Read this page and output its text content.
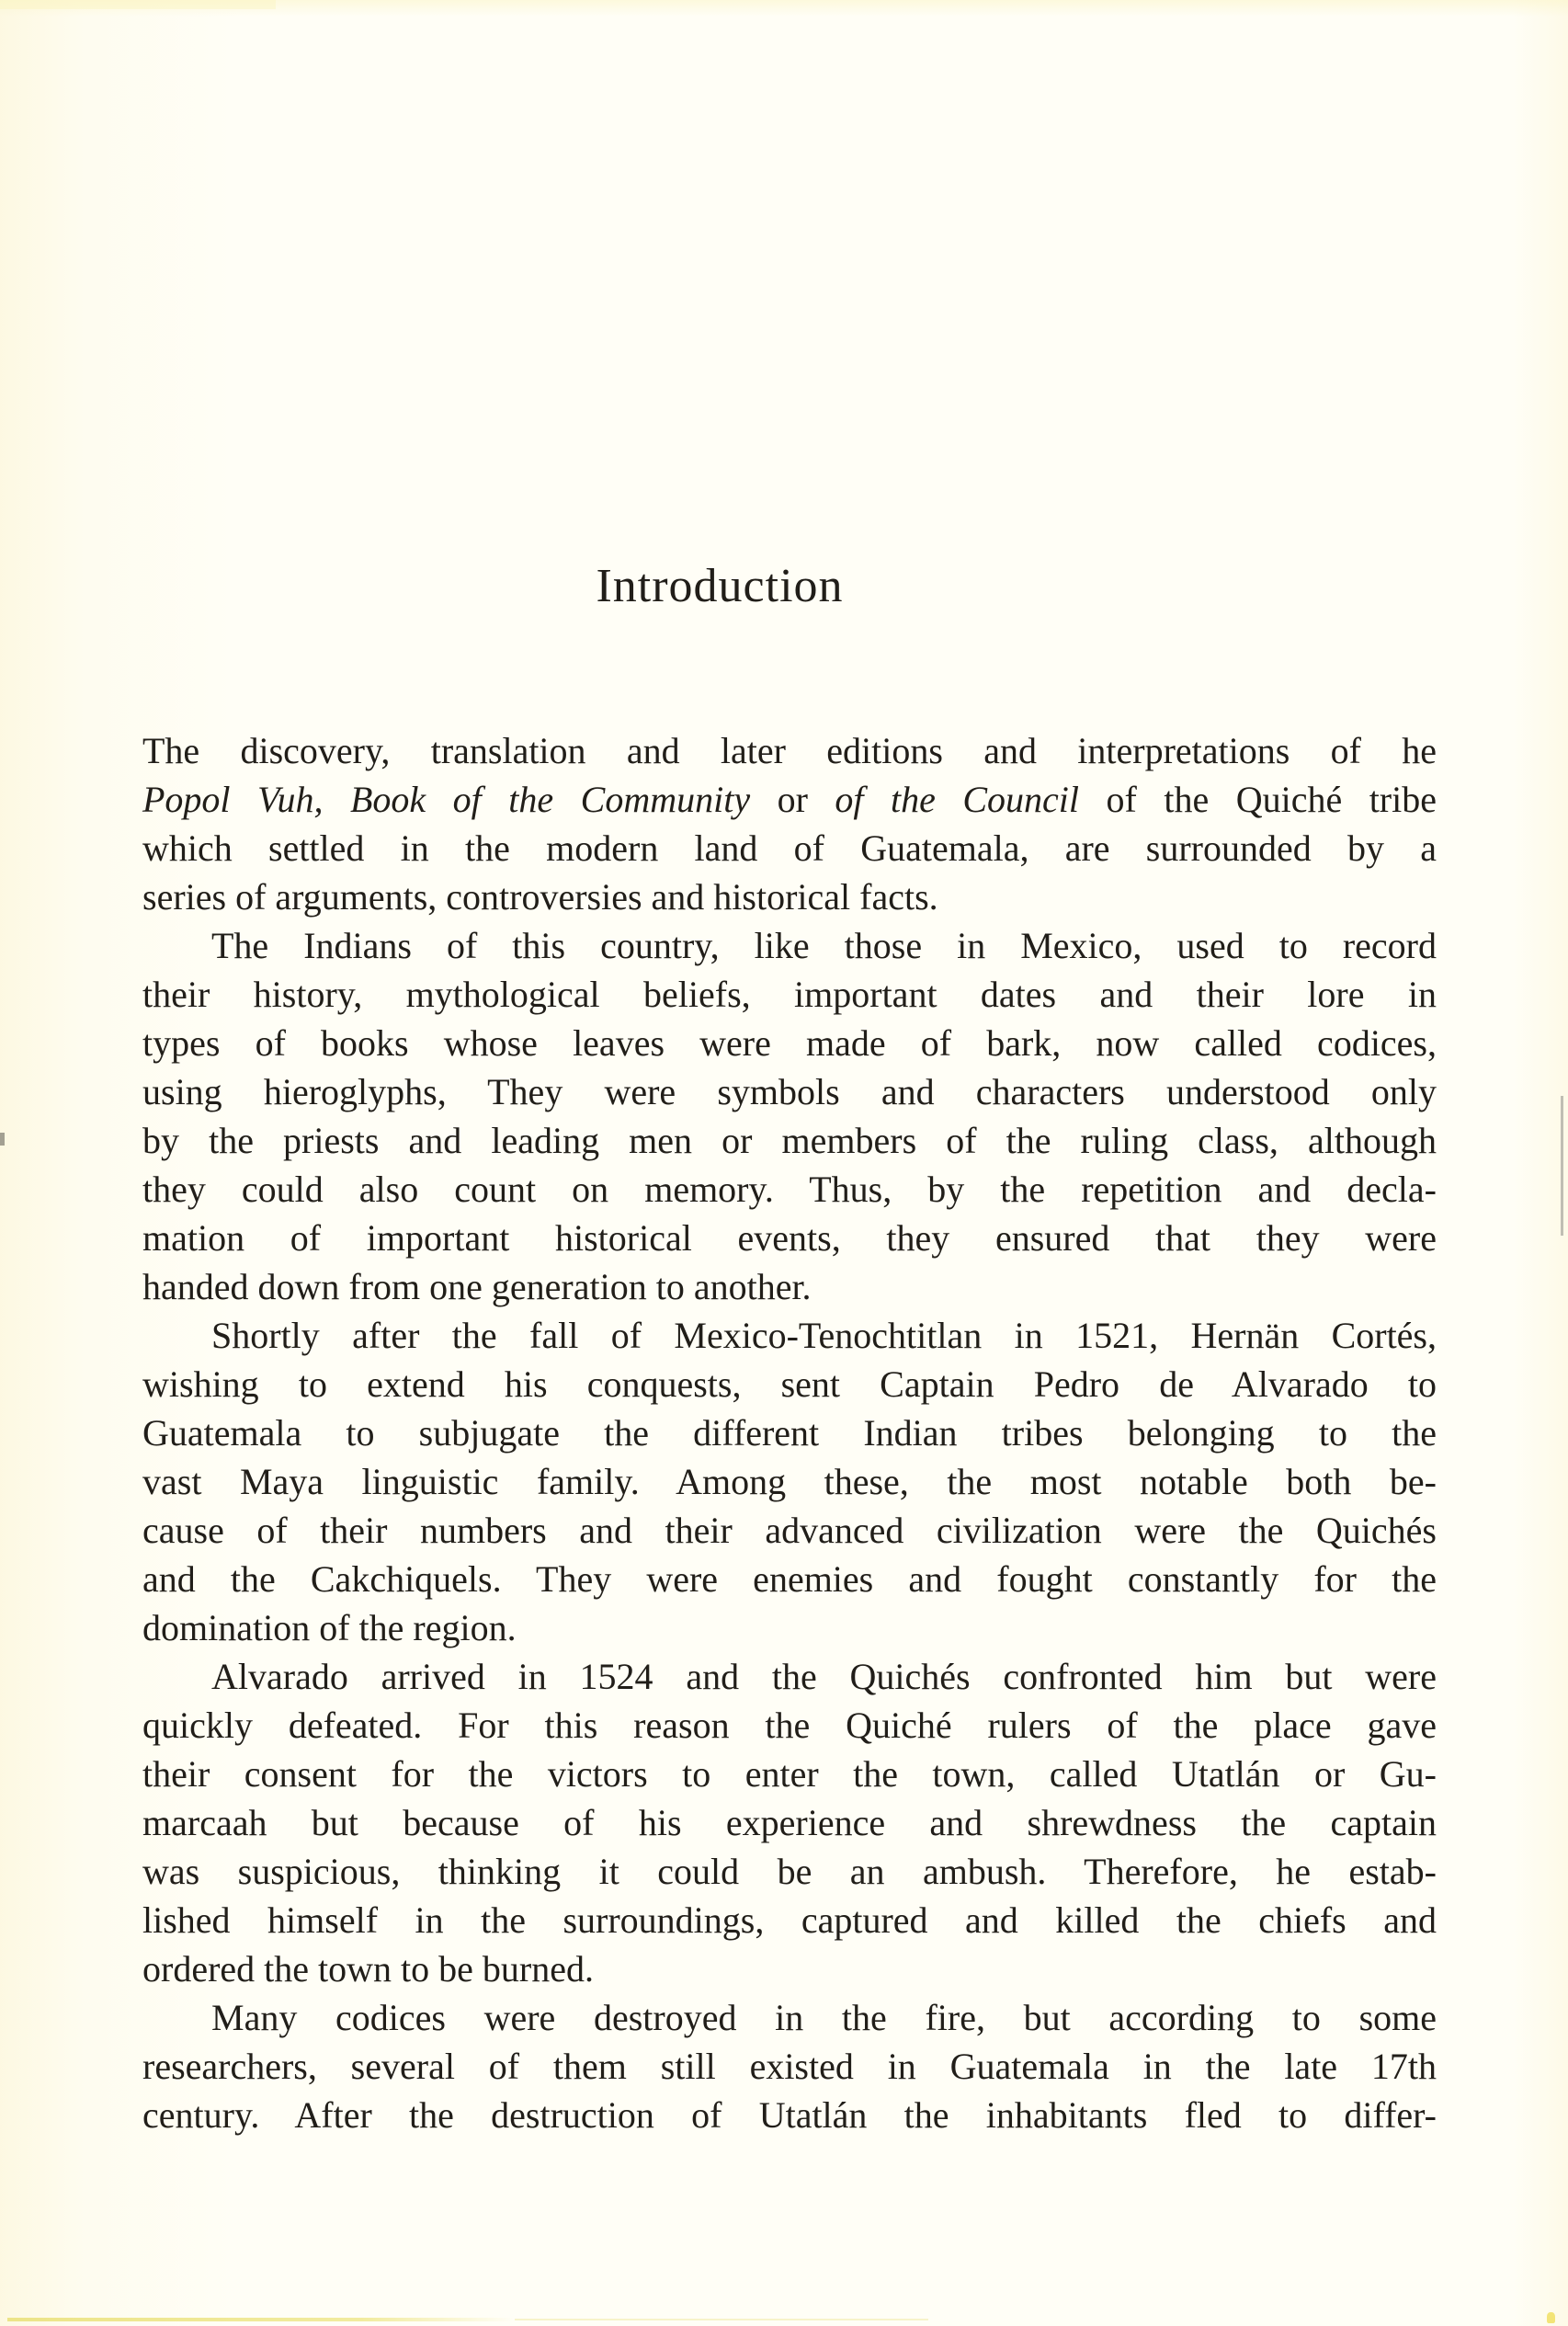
Introduction
The discovery, translation and later editions and interpretations of he
Popol Vuh, Book of the Community or of the Council of the Quiché tribe
which settled in the modern land of Guatemala, are surrounded by a
series of arguments, controversies and historical facts.
The Indians of this country, like those in Mexico, used to record
their history, mythological beliefs, important dates and their lore in
types of books whose leaves were made of bark, now called codices,
using hieroglyphs, They were symbols and characters understood only
by the priests and leading men or members of the ruling class, although
they could also count on memory. Thus, by the repetition and decla-
mation of important historical events, they ensured that they were
handed down from one generation to another.
Shortly after the fall of Mexico-Tenochtitlan in 1521, Hernän Cortés,
wishing to extend his conquests, sent Captain Pedro de Alvarado to
Guatemala to subjugate the different Indian tribes belonging to the
vast Maya linguistic family. Among these, the most notable both be-
cause of their numbers and their advanced civilization were the Quichés
and the Cakchiquels. They were enemies and fought constantly for the
domination of the region.
Alvarado arrived in 1524 and the Quichés confronted him but were
quickly defeated. For this reason the Quiché rulers of the place gave
their consent for the victors to enter the town, called Utatlán or Gu-
marcaah but because of his experience and shrewdness the captain
was suspicious, thinking it could be an ambush. Therefore, he estab-
lished himself in the surroundings, captured and killed the chiefs and
ordered the town to be burned.
Many codices were destroyed in the fire, but according to some
researchers, several of them still existed in Guatemala in the late 17th
century. After the destruction of Utatlán the inhabitants fled to differ-
